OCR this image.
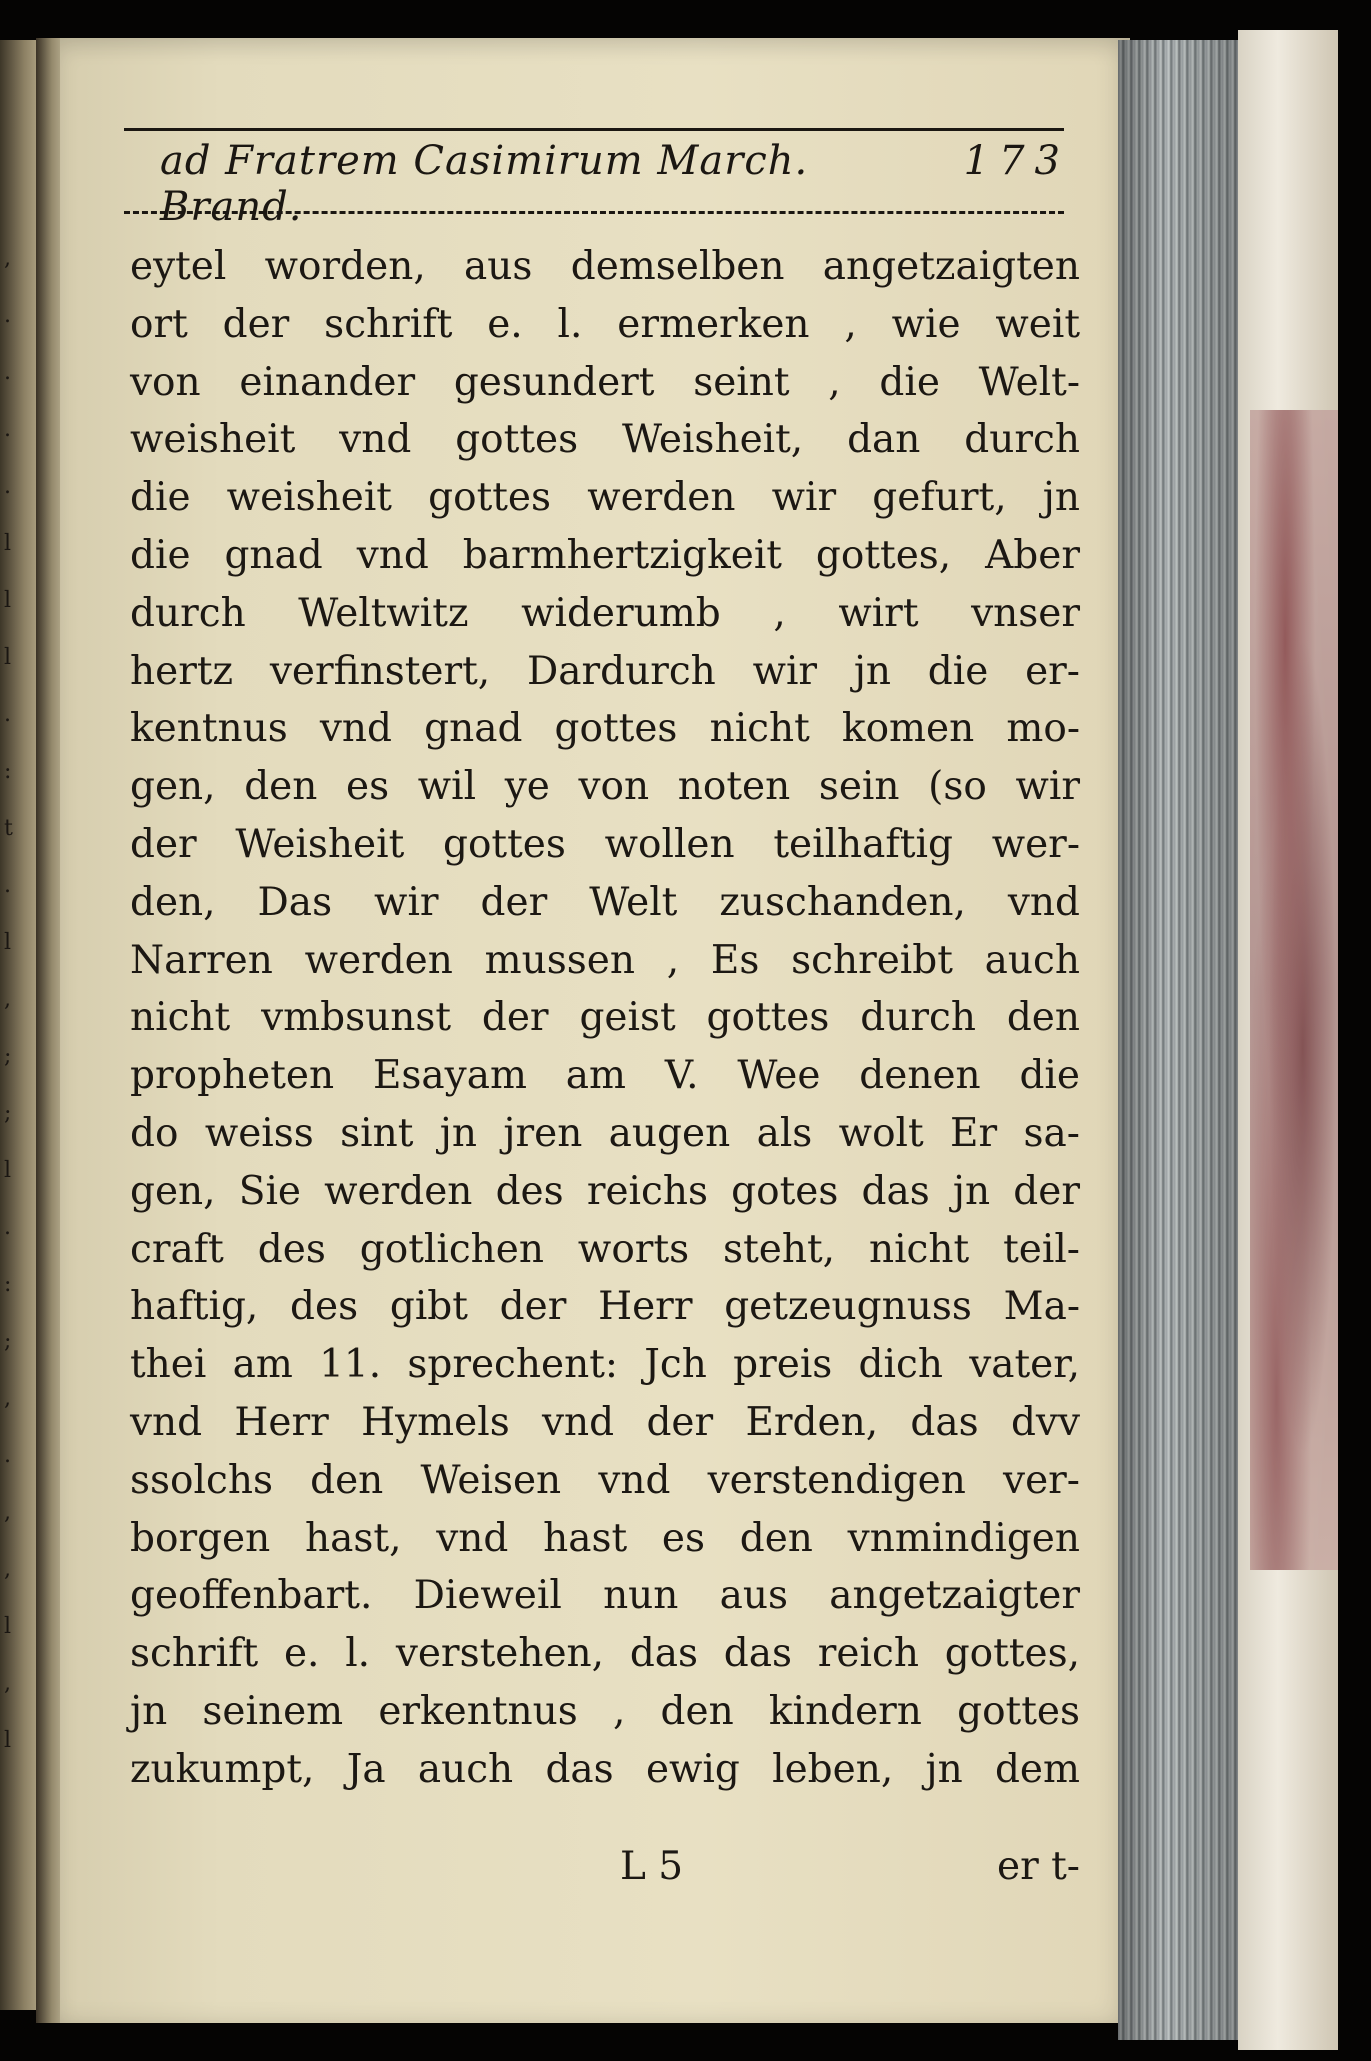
, . . . . l l l . : t . l , ; ; l . : ; , . , , l , l
ad Fratrem Casimirum March. Brand.
173
eytel worden, aus demselben angetzaigten
ort der schrift e. l. ermerken , wie weit
von einander gesundert seint , die Welt-
weisheit vnd gottes Weisheit, dan durch
die weisheit gottes werden wir gefurt, jn
die gnad vnd barmhertzigkeit gottes, Aber
durch Weltwitz widerumb , wirt vnser
hertz verfinstert, Dardurch wir jn die er-
kentnus vnd gnad gottes nicht komen mo-
gen, den es wil ye von noten sein (so wir
der Weisheit gottes wollen teilhaftig wer-
den, Das wir der Welt zuschanden, vnd
Narren werden mussen , Es schreibt auch
nicht vmbsunst der geist gottes durch den
propheten Esayam am V. Wee denen die
do weiss sint jn jren augen als wolt Er sa-
gen, Sie werden des reichs gotes das jn der
craft des gotlichen worts steht, nicht teil-
haftig, des gibt der Herr getzeugnuss Ma-
thei am 11. sprechent: Jch preis dich vater,
vnd Herr Hymels vnd der Erden, das dvv
ssolchs den Weisen vnd verstendigen ver-
borgen hast, vnd hast es den vnmindigen
geoffenbart. Dieweil nun aus angetzaigter
schrift e. l. verstehen, das das reich gottes,
jn seinem erkentnus , den kindern gottes
zukumpt, Ja auch das ewig leben, jn dem
L 5	er t-
